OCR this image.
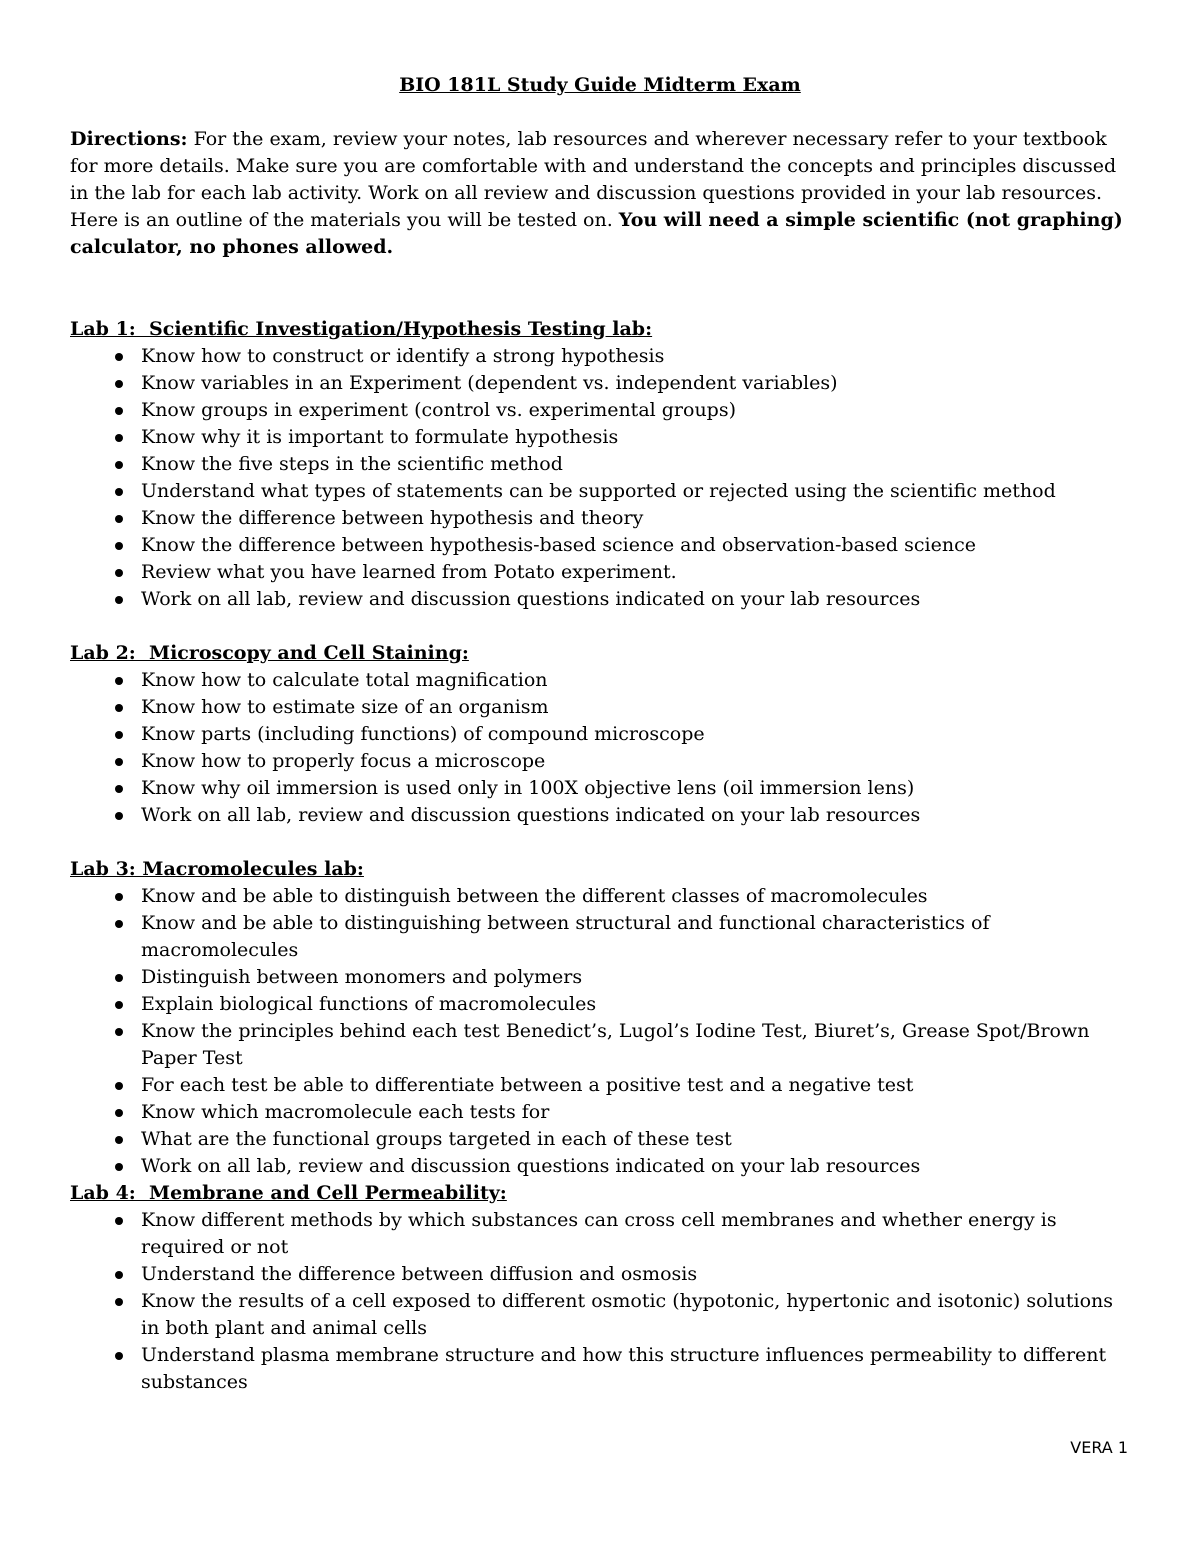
BIO 181L Study Guide Midterm Exam
Directions: For the exam, review your notes, lab resources and wherever necessary refer to your textbook for more details. Make sure you are comfortable with and understand the concepts and principles discussed in the lab for each lab activity. Work on all review and discussion questions provided in your lab resources. Here is an outline of the materials you will be tested on. You will need a simple scientific (not graphing) calculator, no phones allowed.
Lab 1:  Scientific Investigation/Hypothesis Testing lab:
Know how to construct or identify a strong hypothesis
Know variables in an Experiment (dependent vs. independent variables)
Know groups in experiment (control vs. experimental groups)
Know why it is important to formulate hypothesis
Know the five steps in the scientific method
Understand what types of statements can be supported or rejected using the scientific method
Know the difference between hypothesis and theory
Know the difference between hypothesis-based science and observation-based science
Review what you have learned from Potato experiment.
Work on all lab, review and discussion questions indicated on your lab resources
Lab 2:  Microscopy and Cell Staining:
Know how to calculate total magnification
Know how to estimate size of an organism
Know parts (including functions) of compound microscope
Know how to properly focus a microscope
Know why oil immersion is used only in 100X objective lens (oil immersion lens)
Work on all lab, review and discussion questions indicated on your lab resources
Lab 3: Macromolecules lab:
Know and be able to distinguish between the different classes of macromolecules
Know and be able to distinguishing between structural and functional characteristics of macromolecules
Distinguish between monomers and polymers
Explain biological functions of macromolecules
Know the principles behind each test Benedict’s, Lugol’s Iodine Test, Biuret’s, Grease Spot/Brown Paper Test
For each test be able to differentiate between a positive test and a negative test
Know which macromolecule each tests for
What are the functional groups targeted in each of these test
Work on all lab, review and discussion questions indicated on your lab resources
Lab 4:  Membrane and Cell Permeability:
Know different methods by which substances can cross cell membranes and whether energy is required or not
Understand the difference between diffusion and osmosis
Know the results of a cell exposed to different osmotic (hypotonic, hypertonic and isotonic) solutions in both plant and animal cells
Understand plasma membrane structure and how this structure influences permeability to different substances
VERA 1
